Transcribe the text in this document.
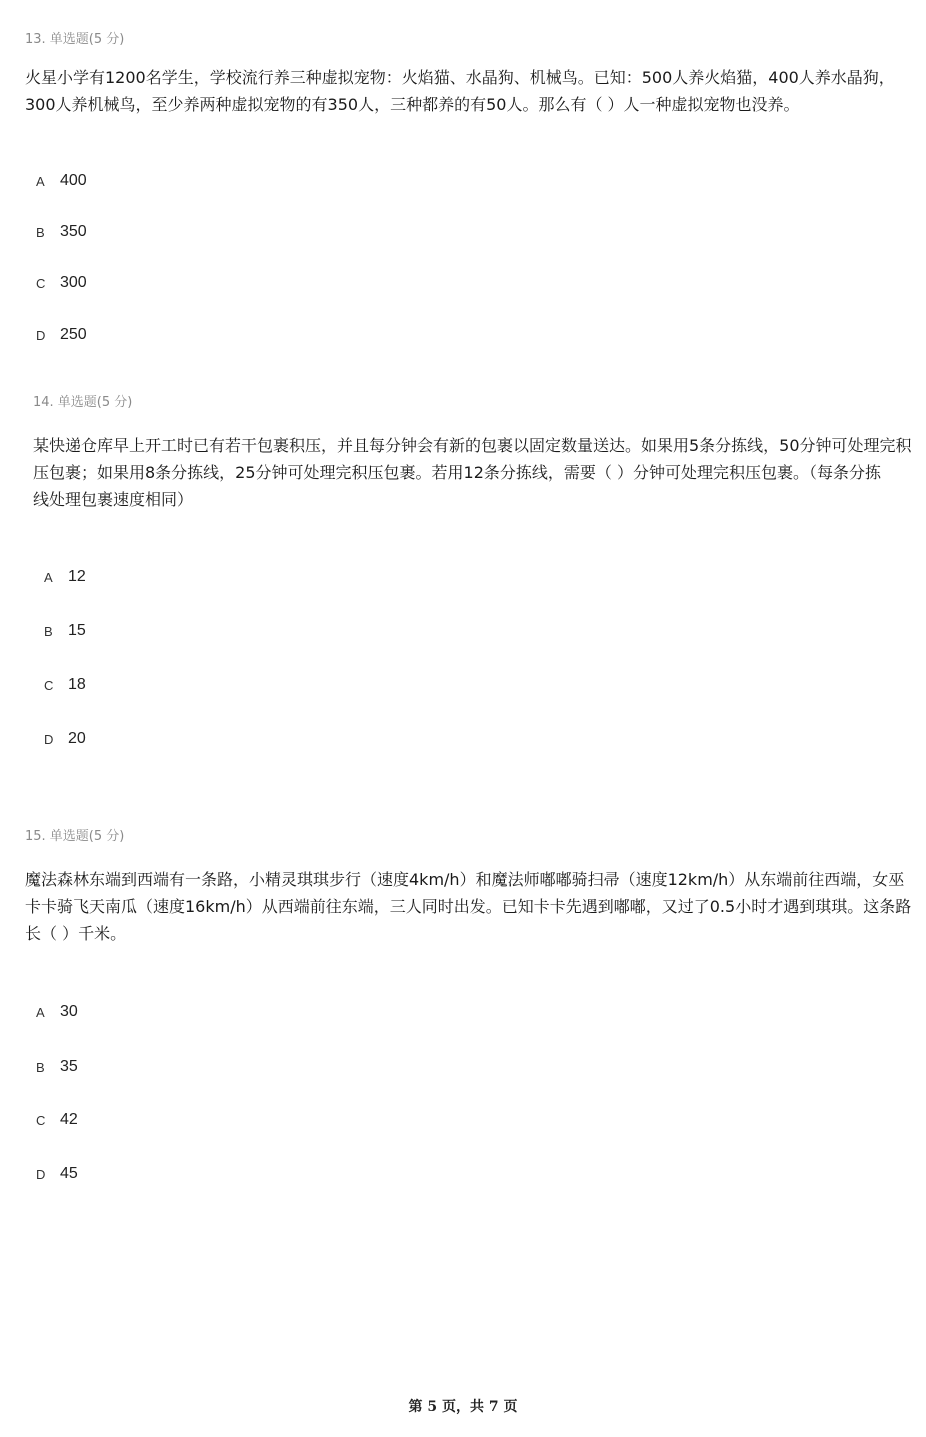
13. 单选题(5 分)

火星小学有1200名学生，学校流行养三种虚拟宠物：火焰猫、水晶狗、机械鸟。已知：500人养火焰猫，400人养水晶狗，

300人养机械鸟，至少养两种虚拟宠物的有350人，三种都养的有50人。那么有（ ）人一种虚拟宠物也没养。

A 400
B 350
C 300
D 250
14. 单选题(5 分)

某快递仓库早上开工时已有若干包裹积压，并且每分钟会有新的包裹以固定数量送达。如果用5条分拣线，50分钟可处理完积

压包裹；如果用8条分拣线，25分钟可处理完积压包裹。若用12条分拣线，需要（ ）分钟可处理完积压包裹。（每条分拣

线处理包裹速度相同）

A 12
B 15
C 18
D 20
15. 单选题(5 分)

魔法森林东端到西端有一条路，小精灵琪琪步行（速度4km/h）和魔法师嘟嘟骑扫帚（速度12km/h）从东端前往西端，女巫

卡卡骑飞天南瓜（速度16km/h）从西端前往东端，三人同时出发。已知卡卡先遇到嘟嘟，又过了0.5小时才遇到琪琪。这条路

长（ ）千米。

A 30
B 35
C 42
D 45
第 5 页，共 7 页
